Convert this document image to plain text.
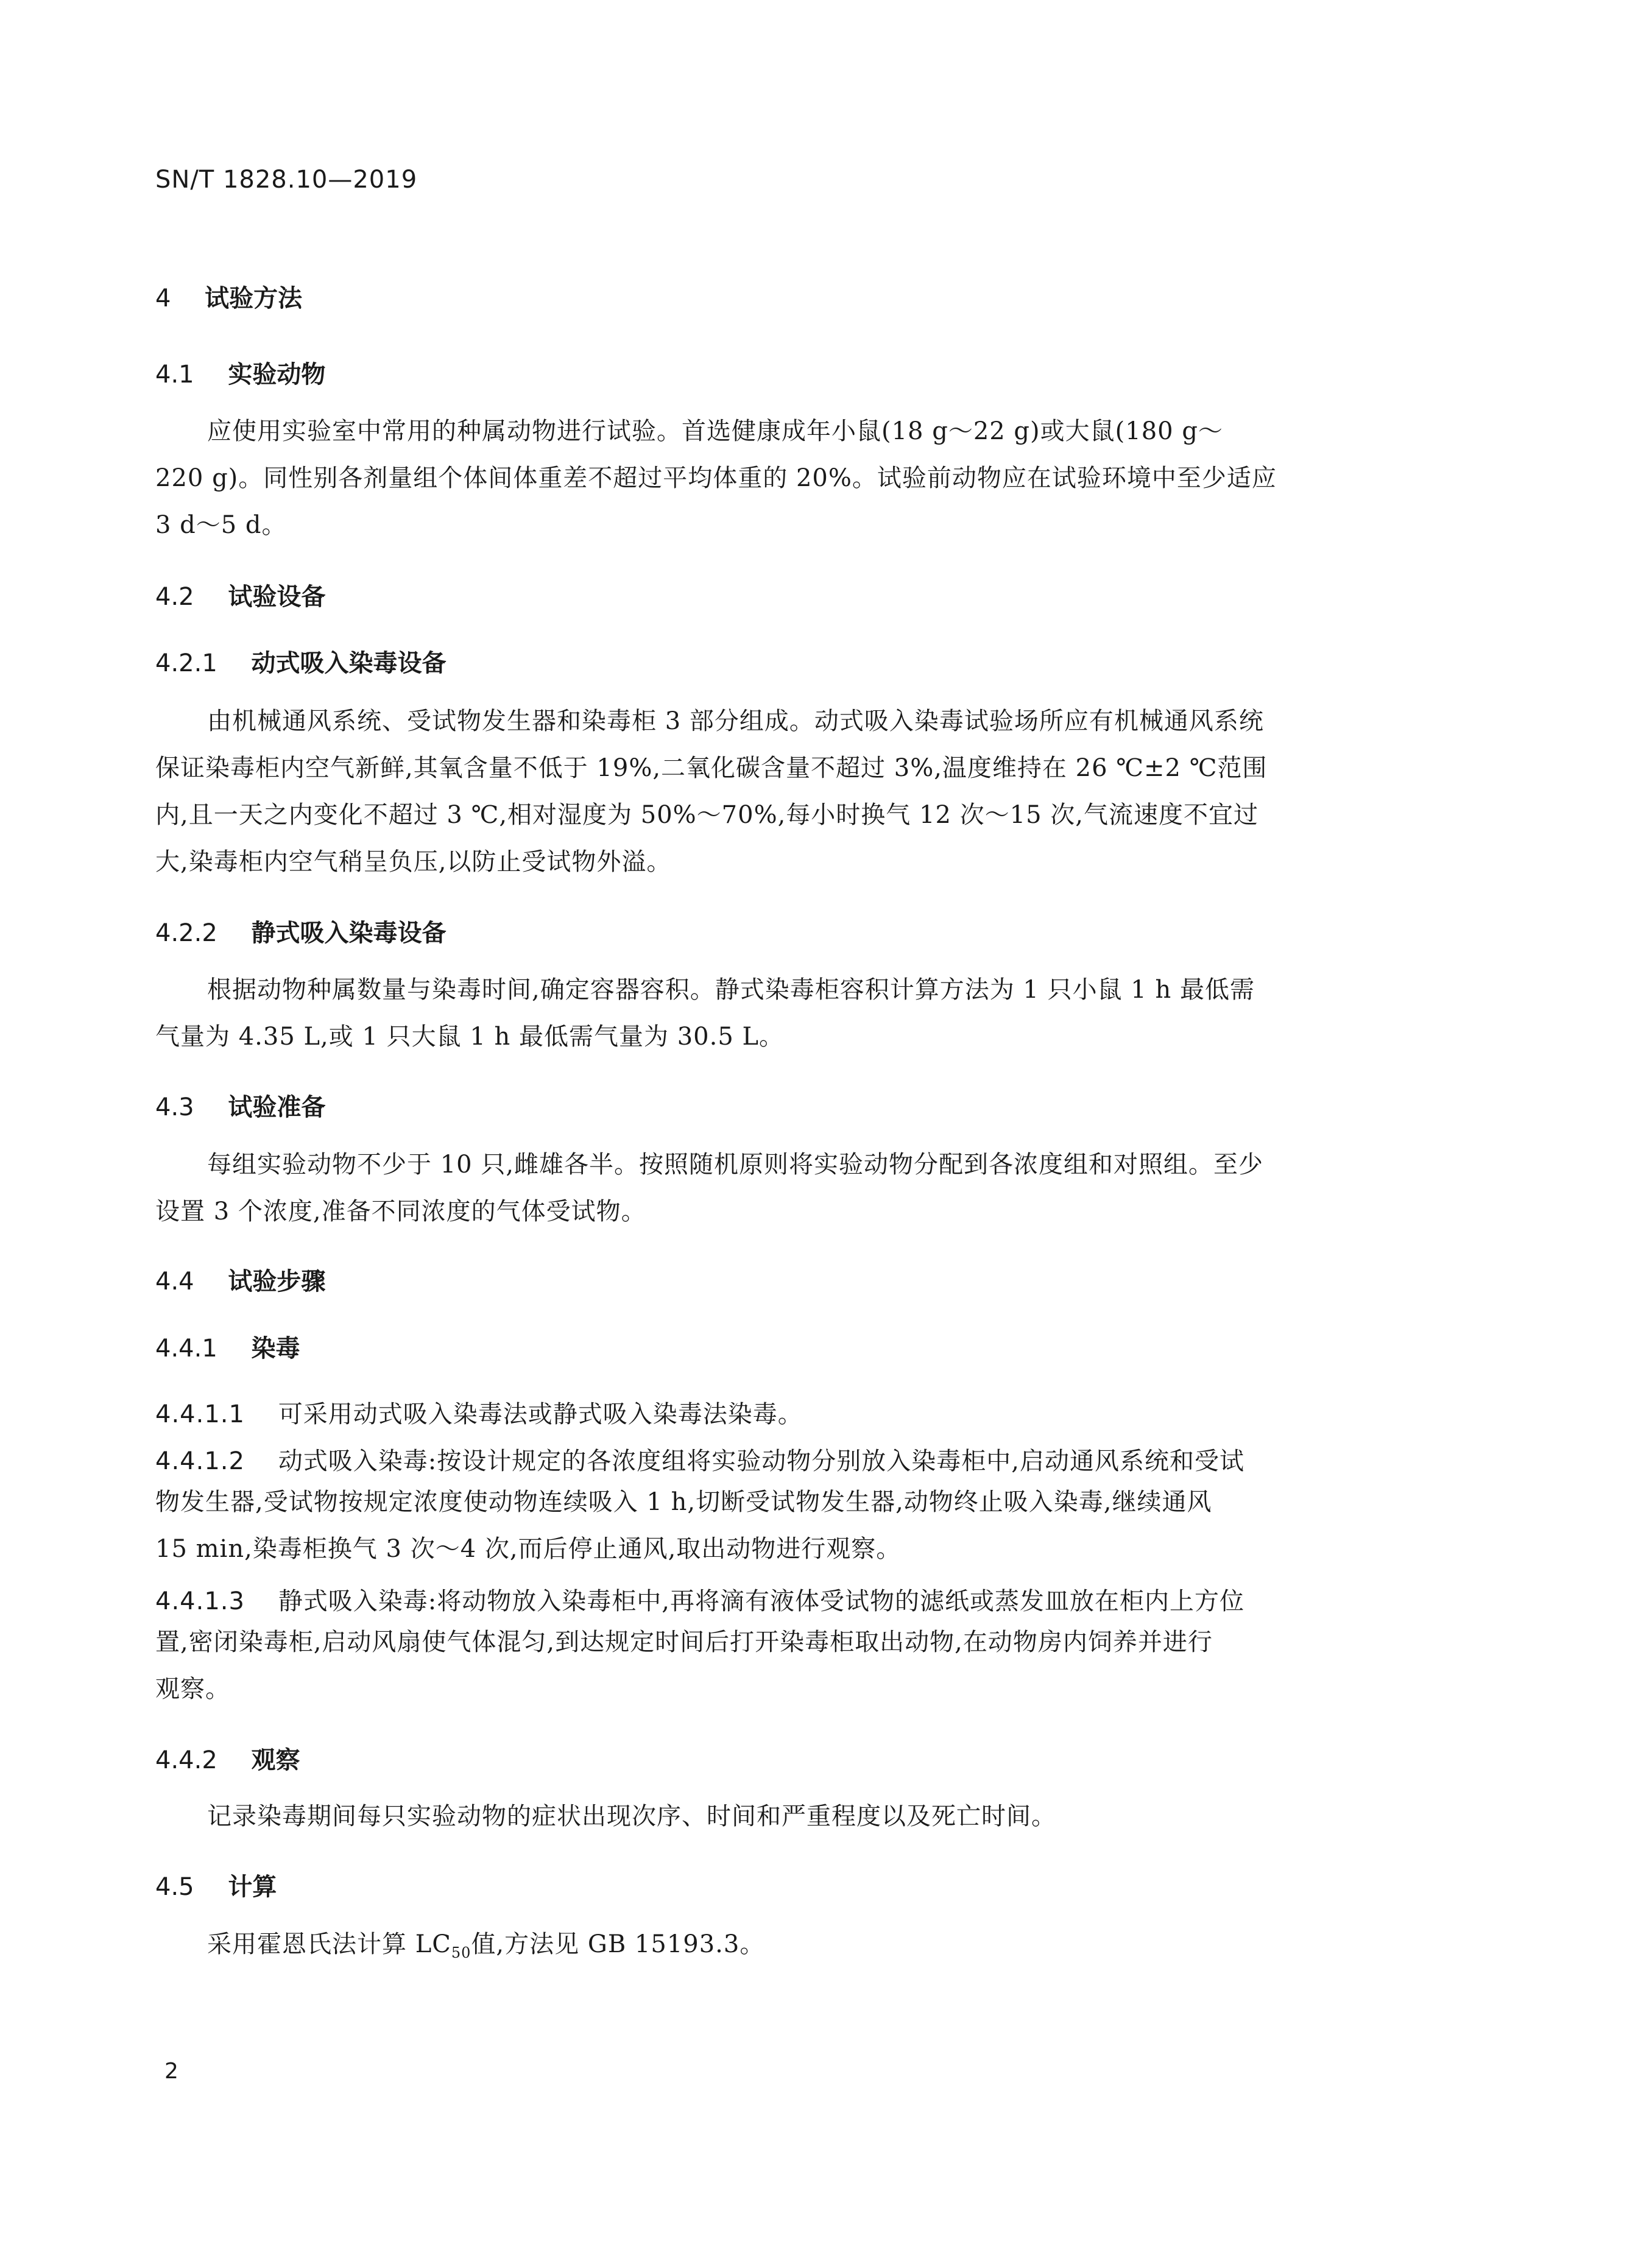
SN/T 1828.10—2019
4 试验方法
4.1 实验动物
应使用实验室中常用的种属动物进行试验。首选健康成年小鼠(18 g～22 g)或大鼠(180 g～
220 g)。同性别各剂量组个体间体重差不超过平均体重的 20%。试验前动物应在试验环境中至少适应
3 d～5 d。
4.2 试验设备
4.2.1 动式吸入染毒设备
由机械通风系统、受试物发生器和染毒柜 3 部分组成。动式吸入染毒试验场所应有机械通风系统
保证染毒柜内空气新鲜,其氧含量不低于 19%,二氧化碳含量不超过 3%,温度维持在 26 ℃±2 ℃范围
内,且一天之内变化不超过 3 ℃,相对湿度为 50%～70%,每小时换气 12 次～15 次,气流速度不宜过
大,染毒柜内空气稍呈负压,以防止受试物外溢。
4.2.2 静式吸入染毒设备
根据动物种属数量与染毒时间,确定容器容积。静式染毒柜容积计算方法为 1 只小鼠 1 h 最低需
气量为 4.35 L,或 1 只大鼠 1 h 最低需气量为 30.5 L。
4.3 试验准备
每组实验动物不少于 10 只,雌雄各半。按照随机原则将实验动物分配到各浓度组和对照组。至少
设置 3 个浓度,准备不同浓度的气体受试物。
4.4 试验步骤
4.4.1 染毒
4.4.1.1 可采用动式吸入染毒法或静式吸入染毒法染毒。
4.4.1.2 动式吸入染毒:按设计规定的各浓度组将实验动物分别放入染毒柜中,启动通风系统和受试
物发生器,受试物按规定浓度使动物连续吸入 1 h,切断受试物发生器,动物终止吸入染毒,继续通风
15 min,染毒柜换气 3 次～4 次,而后停止通风,取出动物进行观察。
4.4.1.3 静式吸入染毒:将动物放入染毒柜中,再将滴有液体受试物的滤纸或蒸发皿放在柜内上方位
置,密闭染毒柜,启动风扇使气体混匀,到达规定时间后打开染毒柜取出动物,在动物房内饲养并进行
观察。
4.4.2 观察
记录染毒期间每只实验动物的症状出现次序、时间和严重程度以及死亡时间。
4.5 计算
采用霍恩氏法计算 $LC_{50}$值,方法见 GB 15193.3。
2
